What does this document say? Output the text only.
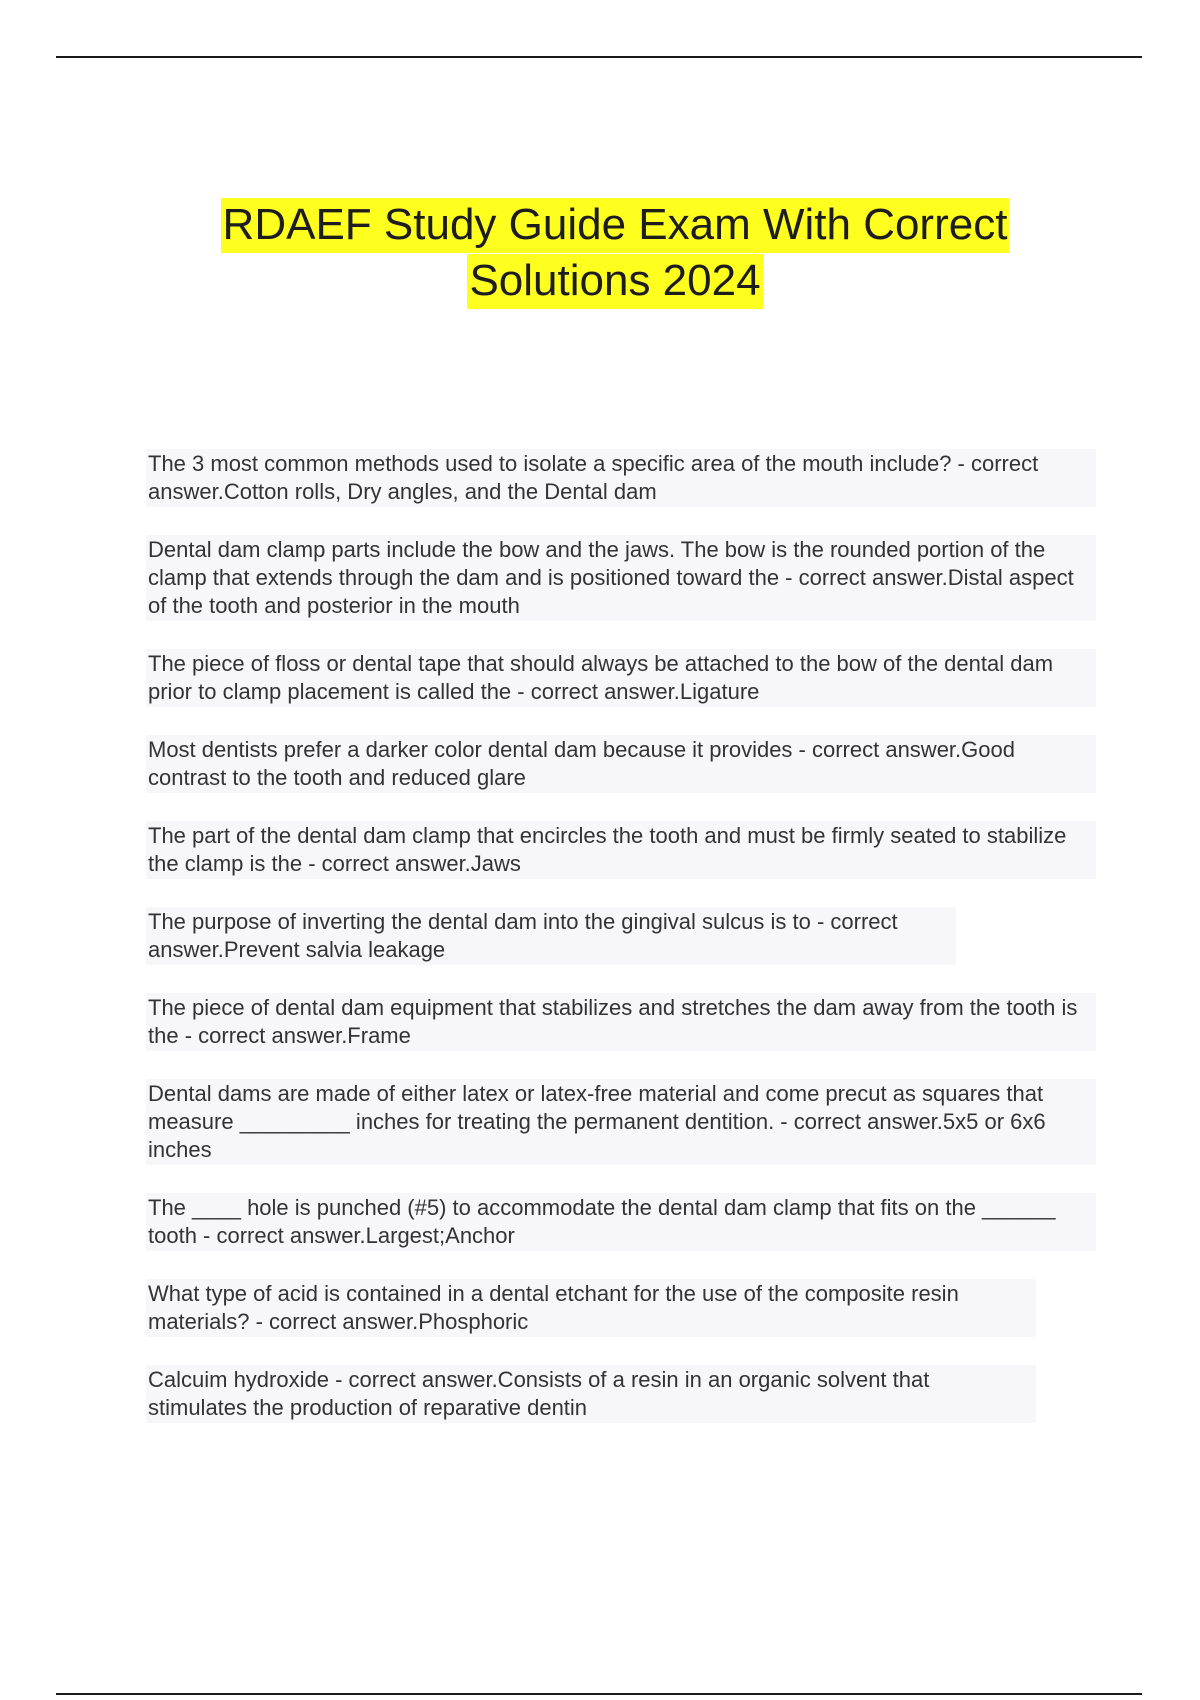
RDAEF Study Guide Exam With Correct
Solutions 2024

The 3 most common methods used to isolate a specific area of the mouth include? - correct answer.Cotton rolls, Dry angles, and the Dental dam

Dental dam clamp parts include the bow and the jaws. The bow is the rounded portion of the clamp that extends through the dam and is positioned toward the - correct answer.Distal aspect of the tooth and posterior in the mouth

The piece of floss or dental tape that should always be attached to the bow of the dental dam prior to clamp placement is called the - correct answer.Ligature

Most dentists prefer a darker color dental dam because it provides - correct answer.Good contrast to the tooth and reduced glare

The part of the dental dam clamp that encircles the tooth and must be firmly seated to stabilize the clamp is the - correct answer.Jaws

The purpose of inverting the dental dam into the gingival sulcus is to - correct answer.Prevent salvia leakage

The piece of dental dam equipment that stabilizes and stretches the dam away from the tooth is the - correct answer.Frame

Dental dams are made of either latex or latex-free material and come precut as squares that measure _________ inches for treating the permanent dentition. - correct answer.5x5 or 6x6 inches

The ____ hole is punched (#5) to accommodate the dental dam clamp that fits on the ______ tooth - correct answer.Largest;Anchor

What type of acid is contained in a dental etchant for the use of the composite resin materials? - correct answer.Phosphoric

Calcuim hydroxide - correct answer.Consists of a resin in an organic solvent that stimulates the production of reparative dentin
